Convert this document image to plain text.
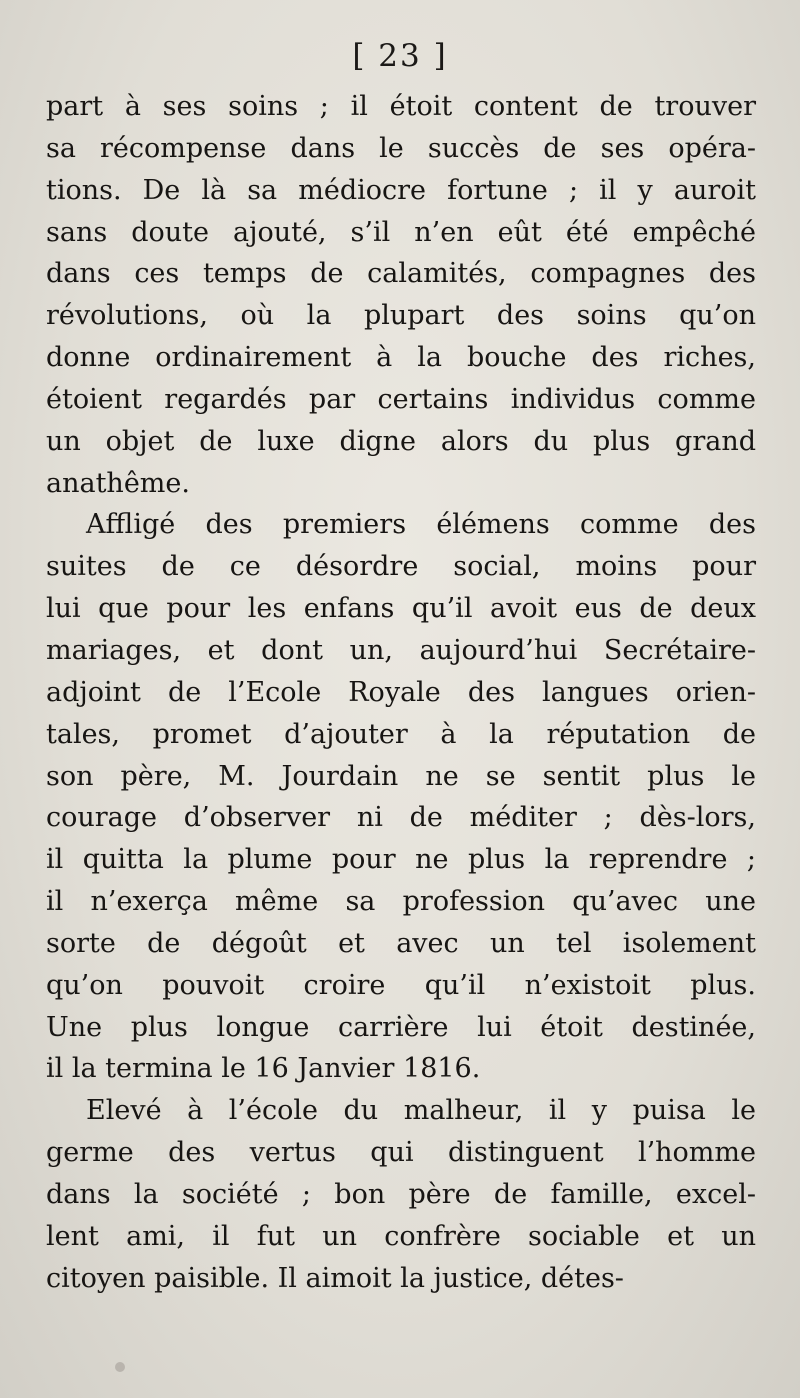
[ 23 ]
part à ses soins ; il étoit content de trouver
sa récompense dans le succès de ses opéra-
tions. De là sa médiocre fortune ; il y auroit
sans doute ajouté, s’il n’en eût été empêché
dans ces temps de calamités, compagnes des
révolutions, où la plupart des soins qu’on
donne ordinairement à la bouche des riches,
étoient regardés par certains individus comme
un objet de luxe digne alors du plus grand
anathême.
Affligé des premiers élémens comme des
suites de ce désordre social, moins pour
lui que pour les enfans qu’il avoit eus de deux
mariages, et dont un, aujourd’hui Secrétaire-
adjoint de l’Ecole Royale des langues orien-
tales, promet d’ajouter à la réputation de
son père, M. Jourdain ne se sentit plus le
courage d’observer ni de méditer ; dès-lors,
il quitta la plume pour ne plus la reprendre ;
il n’exerça même sa profession qu’avec une
sorte de dégoût et avec un tel isolement
qu’on pouvoit croire qu’il n’existoit plus.
Une plus longue carrière lui étoit destinée,
il la termina le 16 Janvier 1816.
Elevé à l’école du malheur, il y puisa le
germe des vertus qui distinguent l’homme
dans la société ; bon père de famille, excel-
lent ami, il fut un confrère sociable et un
citoyen paisible. Il aimoit la justice, détes-
